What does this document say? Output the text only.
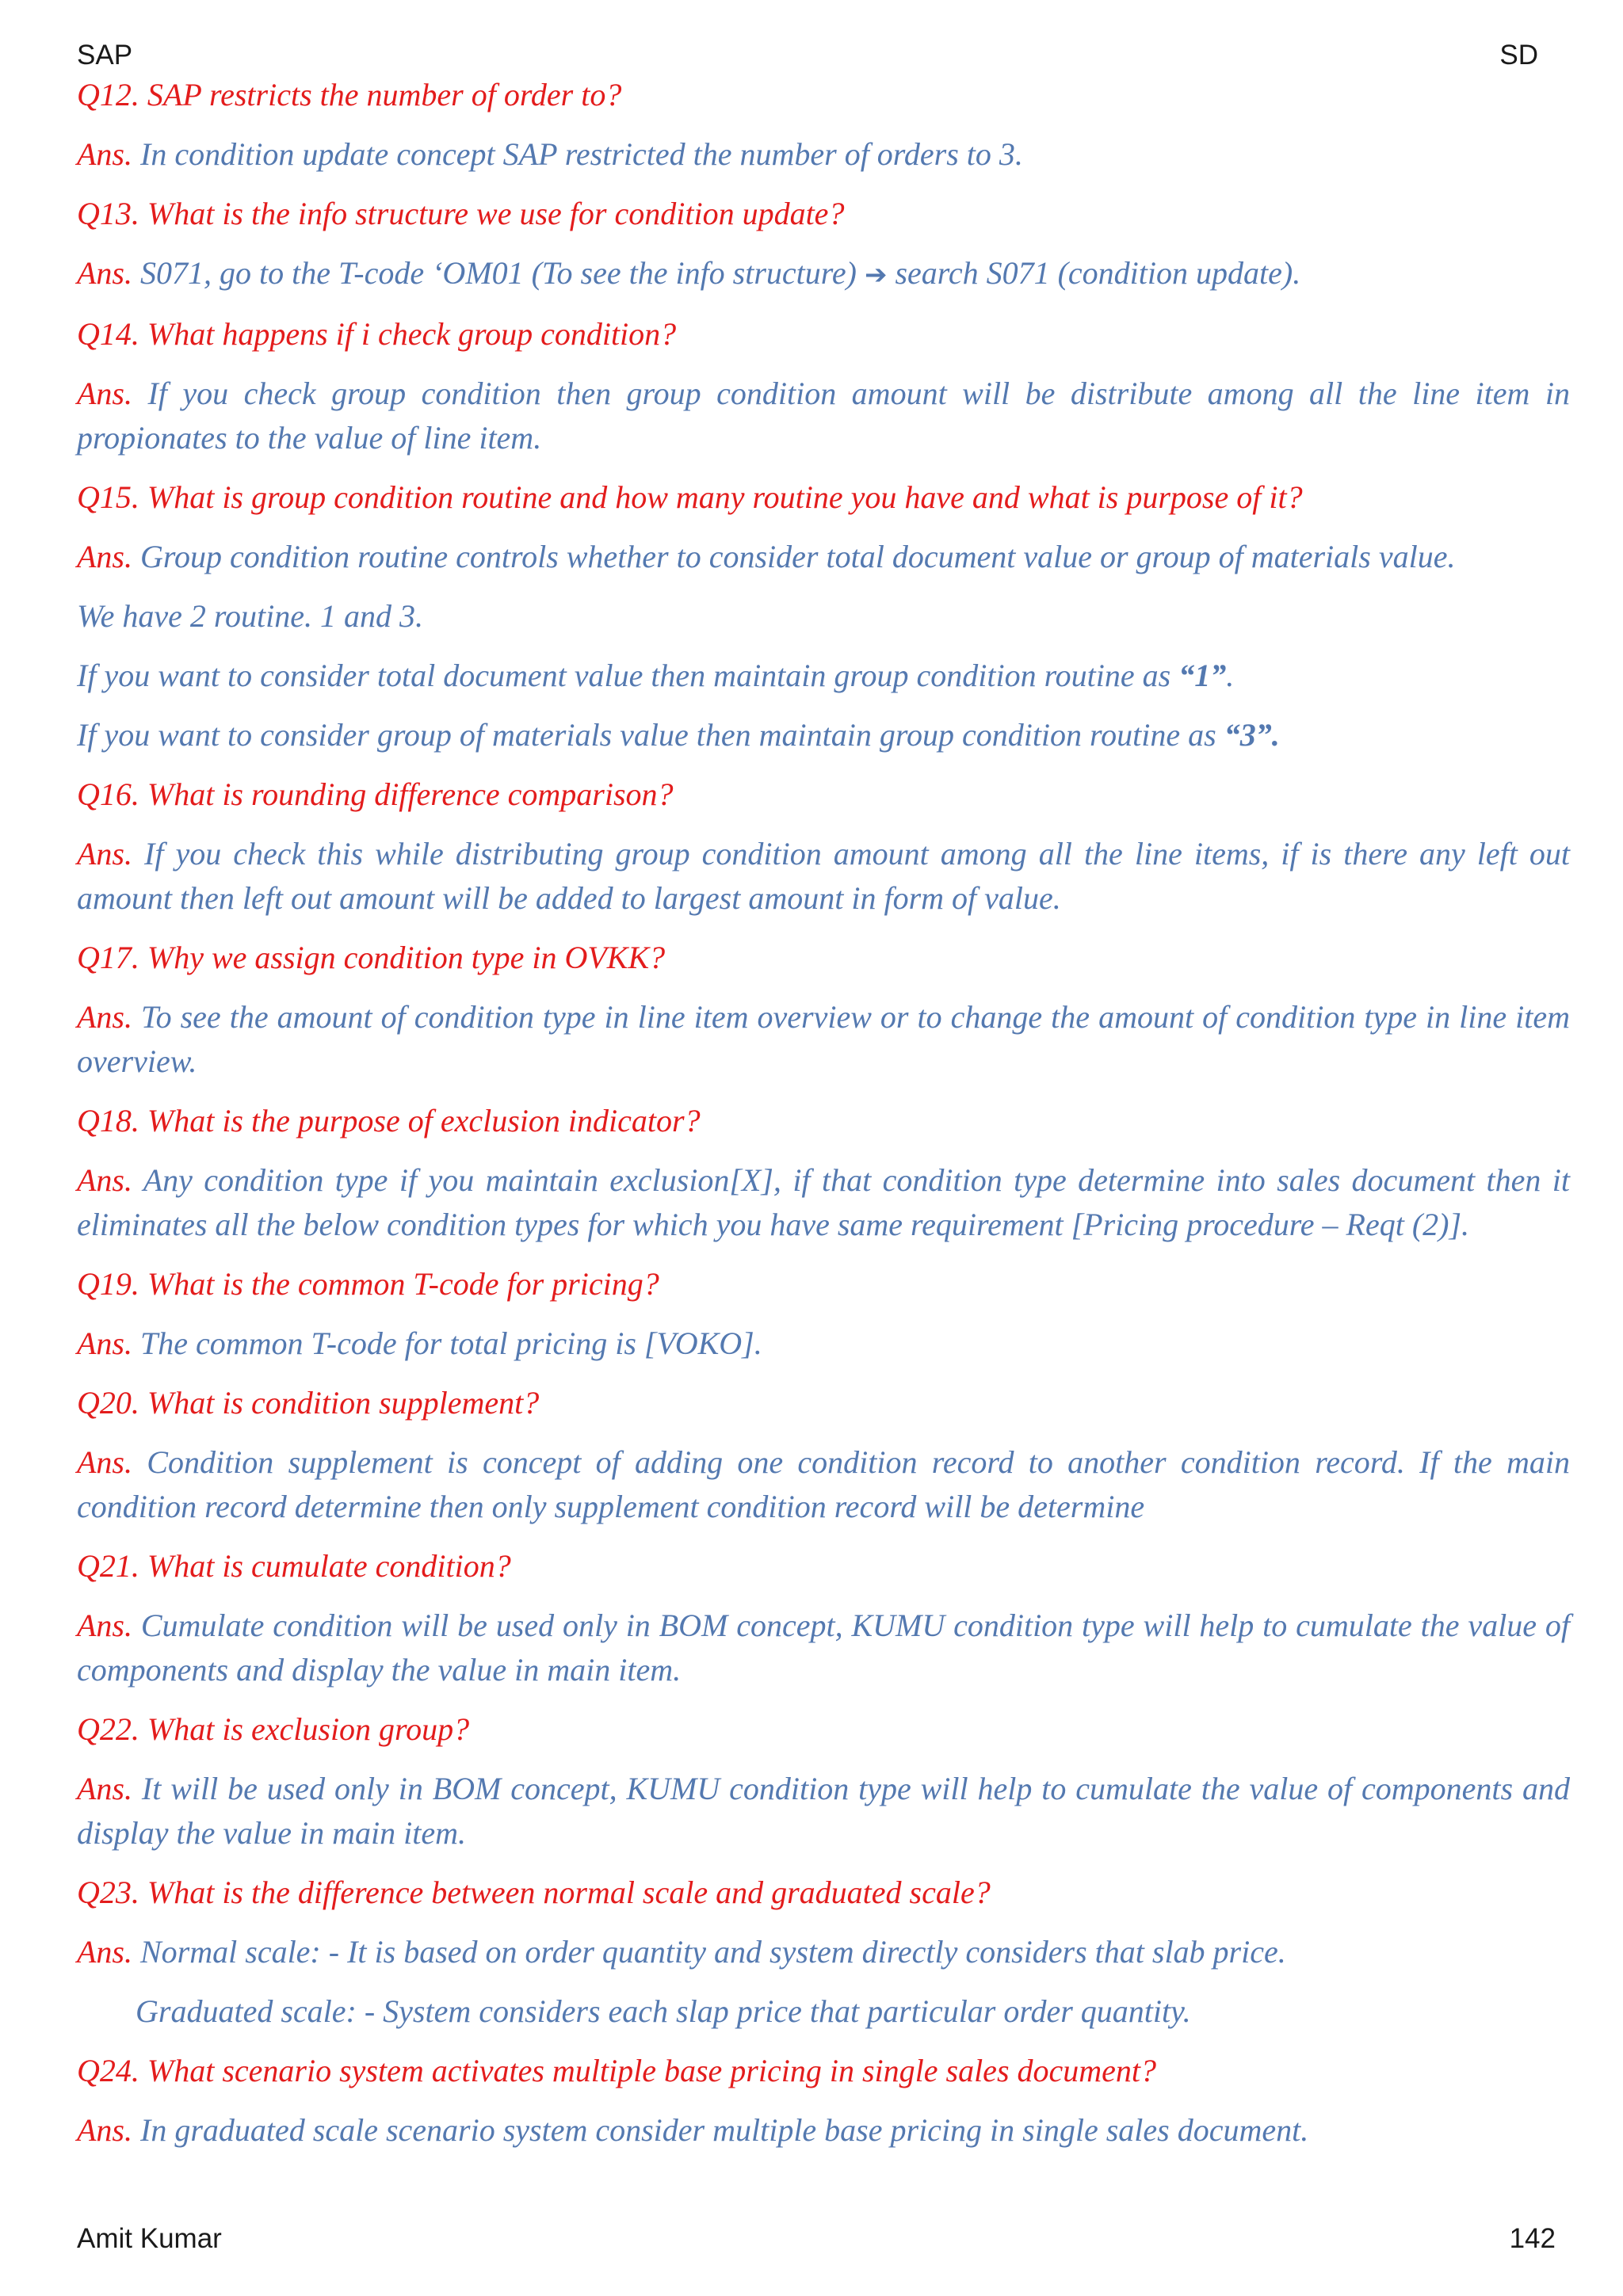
SAP	SD
Q12. SAP restricts the number of order to?
Ans. In condition update concept SAP restricted the number of orders to 3.
Q13. What is the info structure we use for condition update?
Ans. S071, go to the T-code ‘OM01 (To see the info structure) ➔ search S071 (condition update).
Q14. What happens if i check group condition?
Ans. If you check group condition then group condition amount will be distribute among all the line item in propionates to the value of line item.
Q15. What is group condition routine and how many routine you have and what is purpose of it?
Ans. Group condition routine controls whether to consider total document value or group of materials value.
We have 2 routine. 1 and 3.
If you want to consider total document value then maintain group condition routine as “1”.
If you want to consider group of materials value then maintain group condition routine as “3”.
Q16. What is rounding difference comparison?
Ans. If you check this while distributing group condition amount among all the line items, if is there any left out amount then left out amount will be added to largest amount in form of value.
Q17. Why we assign condition type in OVKK?
Ans. To see the amount of condition type in line item overview or to change the amount of condition type in line item overview.
Q18. What is the purpose of exclusion indicator?
Ans. Any condition type if you maintain exclusion[X], if that condition type determine into sales document then it eliminates all the below condition types for which you have same requirement [Pricing procedure – Reqt (2)].
Q19. What is the common T-code for pricing?
Ans. The common T-code for total pricing is [VOKO].
Q20. What is condition supplement?
Ans. Condition supplement is concept of adding one condition record to another condition record. If the main condition record determine then only supplement condition record will be determine
Q21. What is cumulate condition?
Ans. Cumulate condition will be used only in BOM concept, KUMU condition type will help to cumulate the value of components and display the value in main item.
Q22. What is exclusion group?
Ans. It will be used only in BOM concept, KUMU condition type will help to cumulate the value of components and display the value in main item.
Q23. What is the difference between normal scale and graduated scale?
Ans. Normal scale: - It is based on order quantity and system directly considers that slab price.
Graduated scale: - System considers each slap price that particular order quantity.
Q24. What scenario system activates multiple base pricing in single sales document?
Ans. In graduated scale scenario system consider multiple base pricing in single sales document.
Amit Kumar	142
